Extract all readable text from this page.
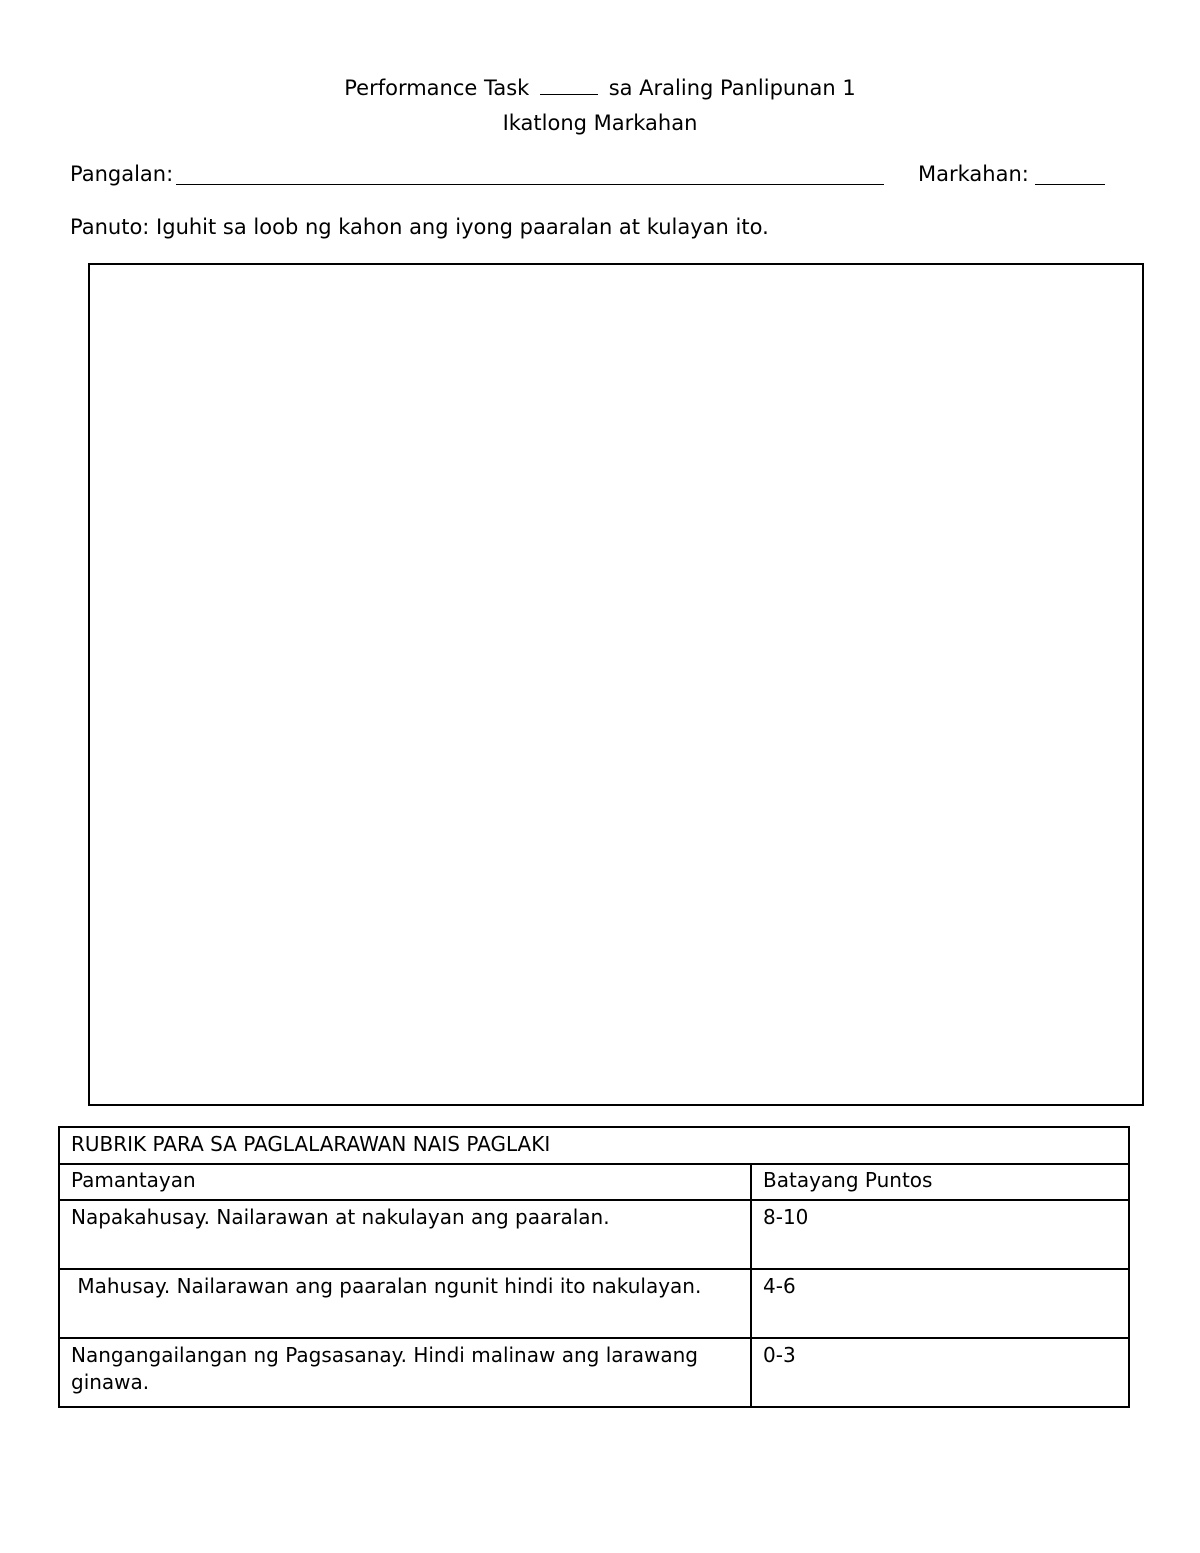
Performance Task	sa Araling Panlipunan 1
Ikatlong Markahan
Pangalan:	Markahan:
Panuto: Iguhit sa loob ng kahon ang iyong paaralan at kulayan ito.
RUBRIK PARA SA PAGLALARAWAN NAIS PAGLAKI	
Pamantayan	Batayang Puntos
Napakahusay. Nailarawan at nakulayan ang paaralan.	8-10
Mahusay. Nailarawan ang paaralan ngunit hindi ito nakulayan.	4-6
Nangangailangan ng Pagsasanay. Hindi malinaw ang larawang ginawa.	0-3
